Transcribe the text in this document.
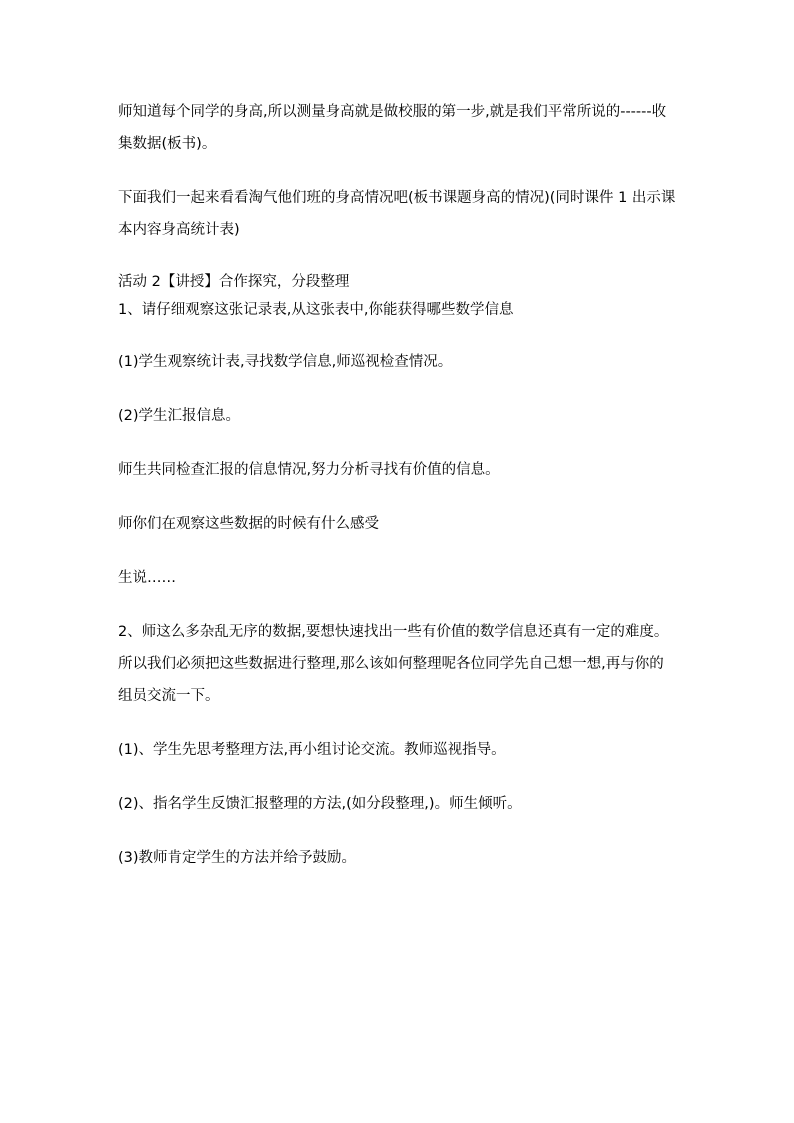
师知道每个同学的身高,所以测量身高就是做校服的第一步,就是我们平常所说的------收集数据(板书)。

下面我们一起来看看淘气他们班的身高情况吧(板书课题身高的情况)(同时课件 1 出示课本内容身高统计表)

活动 2【讲授】合作探究，分段整理

1、请仔细观察这张记录表,从这张表中,你能获得哪些数学信息

(1)学生观察统计表,寻找数学信息,师巡视检查情况。

(2)学生汇报信息。

师生共同检查汇报的信息情况,努力分析寻找有价值的信息。

师你们在观察这些数据的时候有什么感受

生说……

2、师这么多杂乱无序的数据,要想快速找出一些有价值的数学信息还真有一定的难度。所以我们必须把这些数据进行整理,那么该如何整理呢各位同学先自己想一想,再与你的组员交流一下。

(1)、学生先思考整理方法,再小组讨论交流。教师巡视指导。

(2)、指名学生反馈汇报整理的方法,(如分段整理,)。师生倾听。

(3)教师肯定学生的方法并给予鼓励。
